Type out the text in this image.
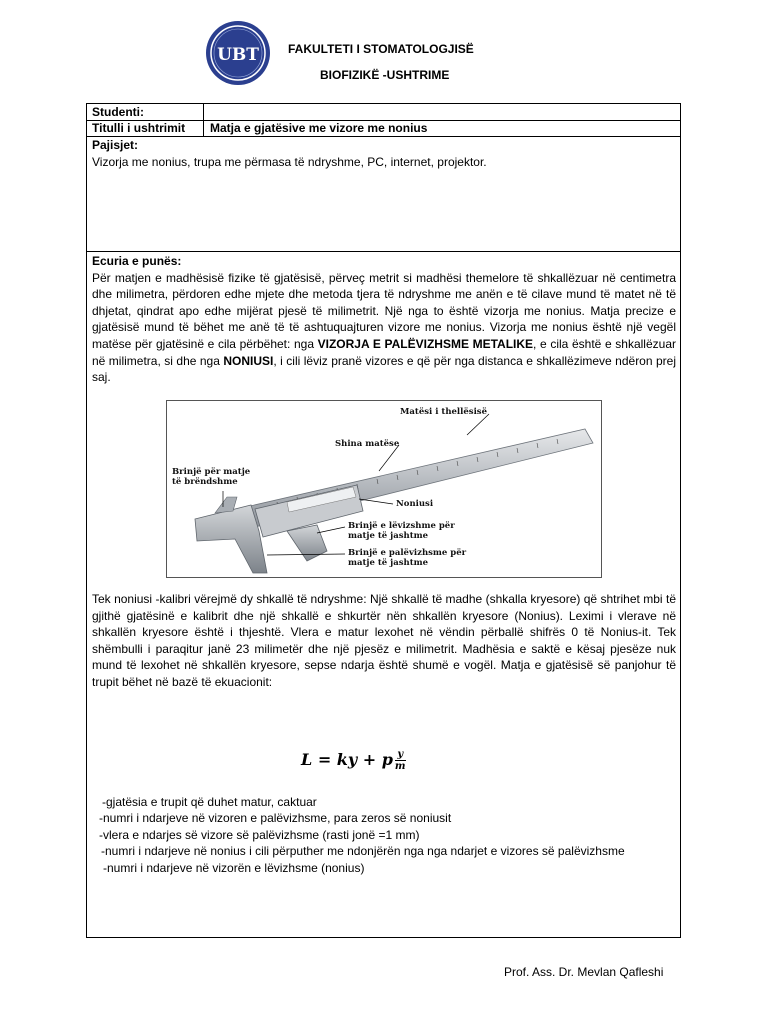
UBT FAKULTETI I STOMATOLOGJISË
BIOFIZIKË -USHTRIME
Studenti:
Titulli i ushtrimit Matja e gjatësive me vizore me nonius
Pajisjet:
Vizorja me nonius, trupa me përmasa të ndryshme, PC, internet, projektor.
Ecuria e punës:
Për matjen e madhësisë fizike të gjatësisë, përveç metrit si madhësi themelore të shkallëzuar në centimetra dhe milimetra, përdoren edhe mjete dhe metoda tjera të ndryshme me anën e të cilave mund të matet në të dhjetat, qindrat apo edhe mijërat pjesë të milimetrit. Një nga to është vizorja me nonius. Matja precize e gjatësisë mund të bëhet me anë të të ashtuquajturen vizore me nonius. Vizorja me nonius është një vegël matëse për gjatësinë e cila përbëhet: nga VIZORJA E PALËVIZHSME METALIKE, e cila është e shkallëzuar në milimetra, si dhe nga NONIUSI, i cili lëviz pranë vizores e që për nga distanca e shkallëzimeve ndëron prej saj.
Matësi i thellësisë
Shina matëse
Brinjë për matje të brëndshme
Noniusi
Brinjë e lëvizshme për matje të jashtme
Brinjë e palëvizhsme për matje të jashtme
Tek noniusi -kalibri vërejmë dy shkallë të ndryshme: Një shkallë të madhe (shkalla kryesore) që shtrihet mbi të gjithë gjatësinë e kalibrit dhe një shkallë e shkurtër nën shkallën kryesore (Nonius). Leximi i vlerave në shkallën kryesore është i thjeshtë. Vlera e matur lexohet në vëndin përballë shifrës 0 të Nonius-it. Tek shëmbulli i paraqitur janë 23 milimetër dhe një pjesëz e milimetrit. Madhësia e saktë e kësaj pjesëze nuk mund të lexohet në shkallën kryesore, sepse ndarja është shumë e vogël. Matja e gjatësisë së panjohur të trupit bëhet në bazë të ekuacionit:
L = ky + p $\frac{y}{m}$
-gjatësia e trupit që duhet matur, caktuar
-numri i ndarjeve në vizoren e palëvizhsme, para zeros së noniusit
-vlera e ndarjes së vizore së palëvizhsme (rasti jonë =1 mm)
-numri i ndarjeve në nonius i cili përputher me ndonjërën nga nga ndarjet e vizores së palëvizhsme
-numri i ndarjeve në vizorën e lëvizhsme (nonius)
Prof. Ass. Dr. Mevlan Qafleshi
